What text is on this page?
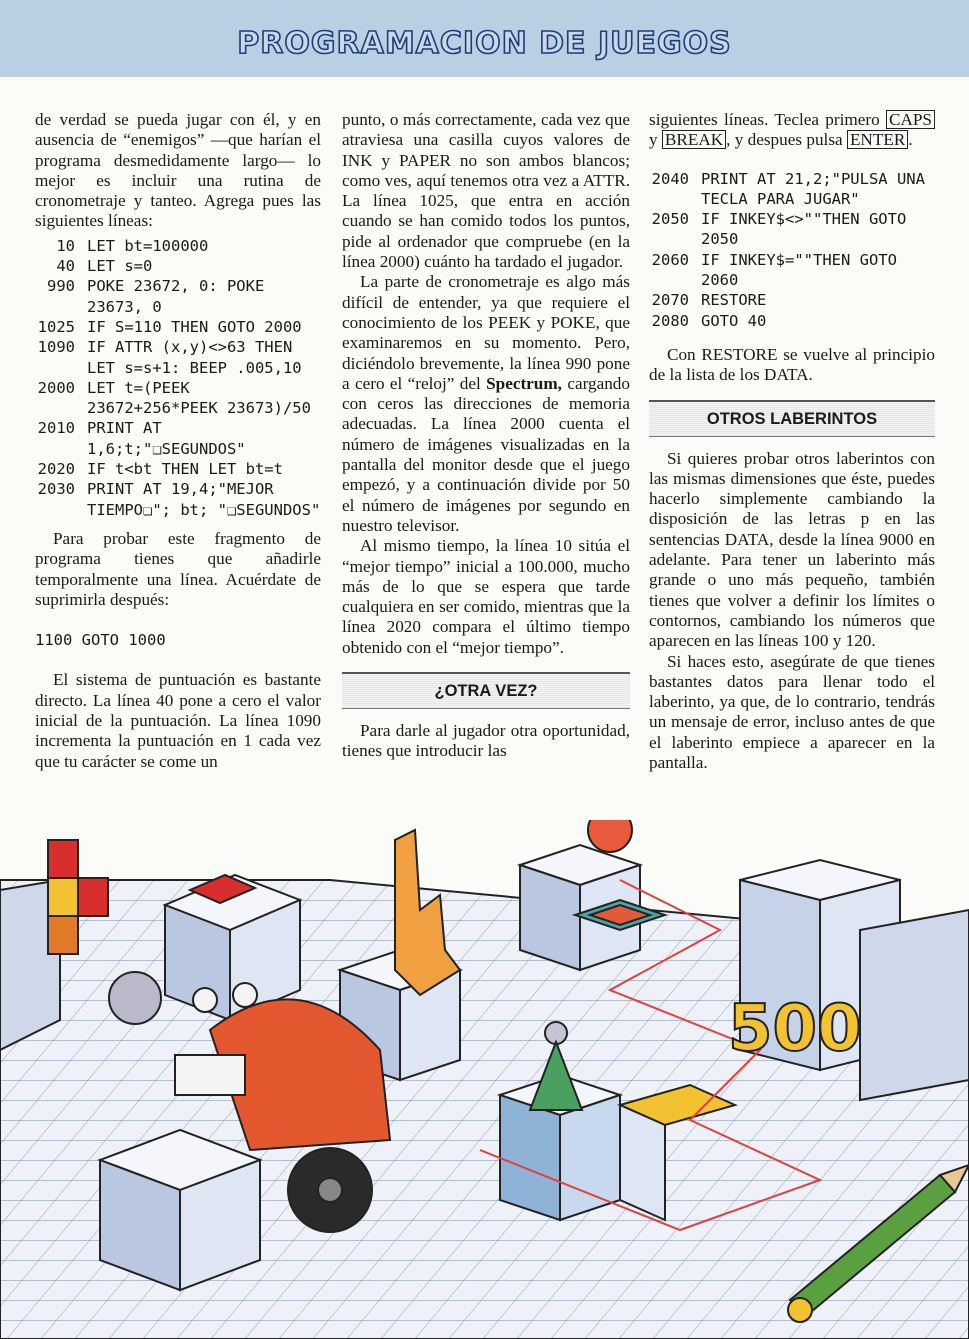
PROGRAMACION DE JUEGOS

de verdad se pueda jugar con él, y en ausencia de “enemigos” —que harían el programa desmedidamente largo— lo mejor es incluir una rutina de cronometraje y tanteo. Agrega pues las siguientes líneas:

10 LET bt=100000
40 LET s=0
990 POKE 23672, 0: POKE 23673, 0
1025 IF S=110 THEN GOTO 2000
1090 IF ATTR (x,y)<>63 THEN LET s=s+1: BEEP .005,10
2000 LET t=(PEEK 23672+256*PEEK 23673)/50
2010 PRINT AT 1,6;t;"❏SEGUNDOS"
2020 IF t<bt THEN LET bt=t
2030 PRINT AT 19,4;"MEJOR TIEMPO❏"; bt; "❏SEGUNDOS"

Para probar este fragmento de programa tienes que añadirle temporalmente una línea. Acuérdate de suprimirla después:

1100 GOTO 1000

El sistema de puntuación es bastante directo. La línea 40 pone a cero el valor inicial de la puntuación. La línea 1090 incrementa la puntuación en 1 cada vez que tu carácter se come un

punto, o más correctamente, cada vez que atraviesa una casilla cuyos valores de INK y PAPER no son ambos blancos; como ves, aquí tenemos otra vez a ATTR. La línea 1025, que entra en acción cuando se han comido todos los puntos, pide al ordenador que compruebe (en la línea 2000) cuánto ha tardado el jugador.

La parte de cronometraje es algo más difícil de entender, ya que requiere el conocimiento de los PEEK y POKE, que examinaremos en su momento. Pero, diciéndolo brevemente, la línea 990 pone a cero el “reloj” del Spectrum, cargando con ceros las direcciones de memoria adecuadas. La línea 2000 cuenta el número de imágenes visualizadas en la pantalla del monitor desde que el juego empezó, y a continuación divide por 50 el número de imágenes por segundo en nuestro televisor.

Al mismo tiempo, la línea 10 sitúa el “mejor tiempo” inicial a 100.000, mucho más de lo que se espera que tarde cualquiera en ser comido, mientras que la línea 2020 compara el último tiempo obtenido con el “mejor tiempo”.

¿OTRA VEZ?

Para darle al jugador otra oportunidad, tienes que introducir las

siguientes líneas. Teclea primero CAPS y BREAK , y despues pulsa ENTER .

2040 PRINT AT 21,2;"PULSA UNA TECLA PARA JUGAR"
2050 IF INKEY$<>""THEN GOTO 2050
2060 IF INKEY$=""THEN GOTO 2060
2070 RESTORE
2080 GOTO 40

Con RESTORE se vuelve al principio de la lista de los DATA.

OTROS LABERINTOS

Si quieres probar otros laberintos con las mismas dimensiones que éste, puedes hacerlo simplemente cambiando la disposición de las letras p en las sentencias DATA, desde la línea 9000 en adelante. Para tener un laberinto más grande o uno más pequeño, también tienes que volver a definir los límites o contornos, cambiando los números que aparecen en las líneas 100 y 120.

Si haces esto, asegúrate de que tienes bastantes datos para llenar todo el laberinto, ya que, de lo contrario, tendrás un mensaje de error, incluso antes de que el laberinto empiece a aparecer en la pantalla.

500
